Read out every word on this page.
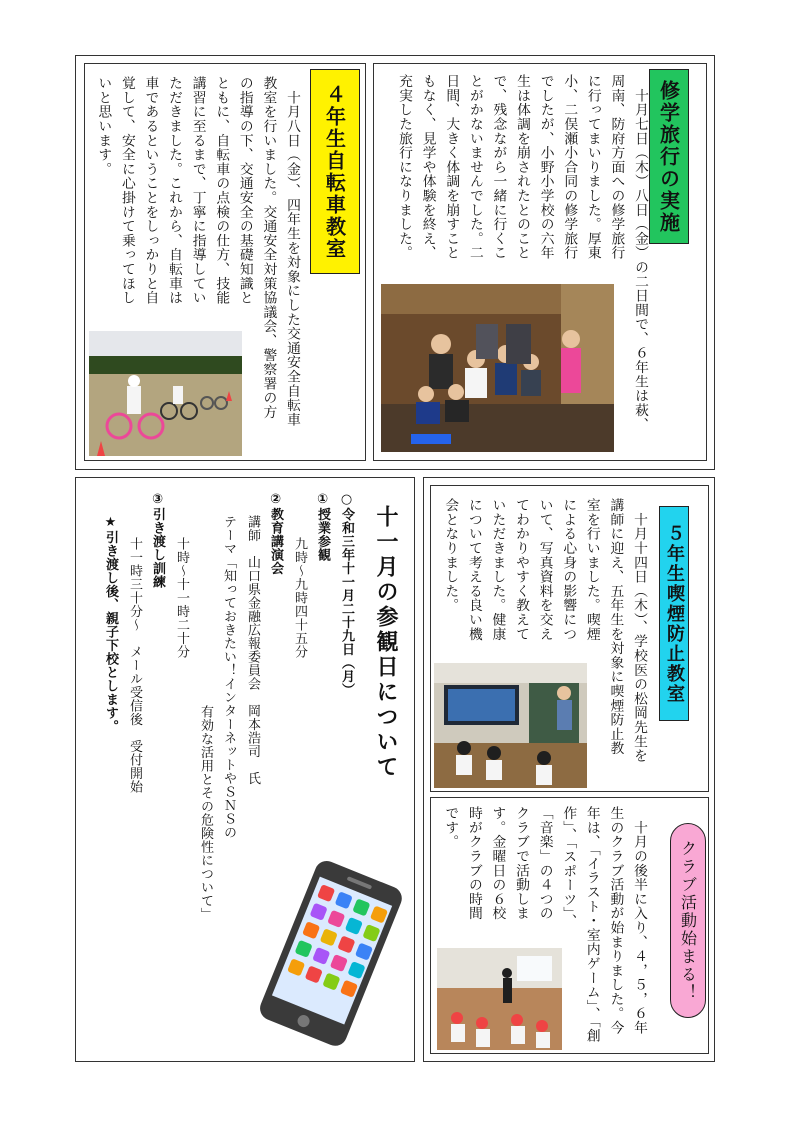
修学旅行の実施
　十月七日（木）八日（金）の二日間で、６年生は萩、
周南、防府方面への修学旅行
に行ってまいりました。厚東
小、二俣瀬小合同の修学旅行
でしたが、小野小学校の六年
生は体調を崩されたとのこと
で、残念ながら一緒に行くこ
とがかないませんでした。二
日間、大きく体調を崩すこと
もなく、見学や体験を終え、
充実した旅行になりました。
４年生自転車教室
　十月八日（金）、四年生を対象にした交通安全自転車
教室を行いました。交通安全対策協議会、警察署の方
の指導の下、交通安全の基礎知識と
ともに、自転車の点検の仕方、技能
講習に至るまで、丁寧に指導してい
ただきました。これから、自転車は
車であるということをしっかりと自
覚して、安全に心掛けて乗ってほし
いと思います。
十一月の参観日について
○令和三年十一月二十九日（月）
①授業参観
九時～九時四十五分
②教育講演会
講師　山口県金融広報委員会　岡本浩司　氏
テーマ「知っておきたい！インターネットやＳＮＳの
有効な活用とその危険性について」
十時～十一時二十分
③引き渡し訓練
十一時三十分～　メール受信後　受付開始
★引き渡し後、親子下校とします。	５年生喫煙防止教室
　十月十四日（木）、学校医の松岡先生を
講師に迎え、五年生を対象に喫煙防止教
室を行いました。喫煙
による心身の影響につ
いて、写真資料を交え
てわかりやすく教えて
いただきました。健康
について考える良い機
会となりました。
クラブ活動始まる！
　十月の後半に入り、４，５，６年
生のクラブ活動が始まりました。今
年は、「イラスト・室内ゲーム」、「創
作」、「スポーツ」、
「音楽」の４つの
クラブで活動しま
す。金曜日の６校
時がクラブの時間
です。
